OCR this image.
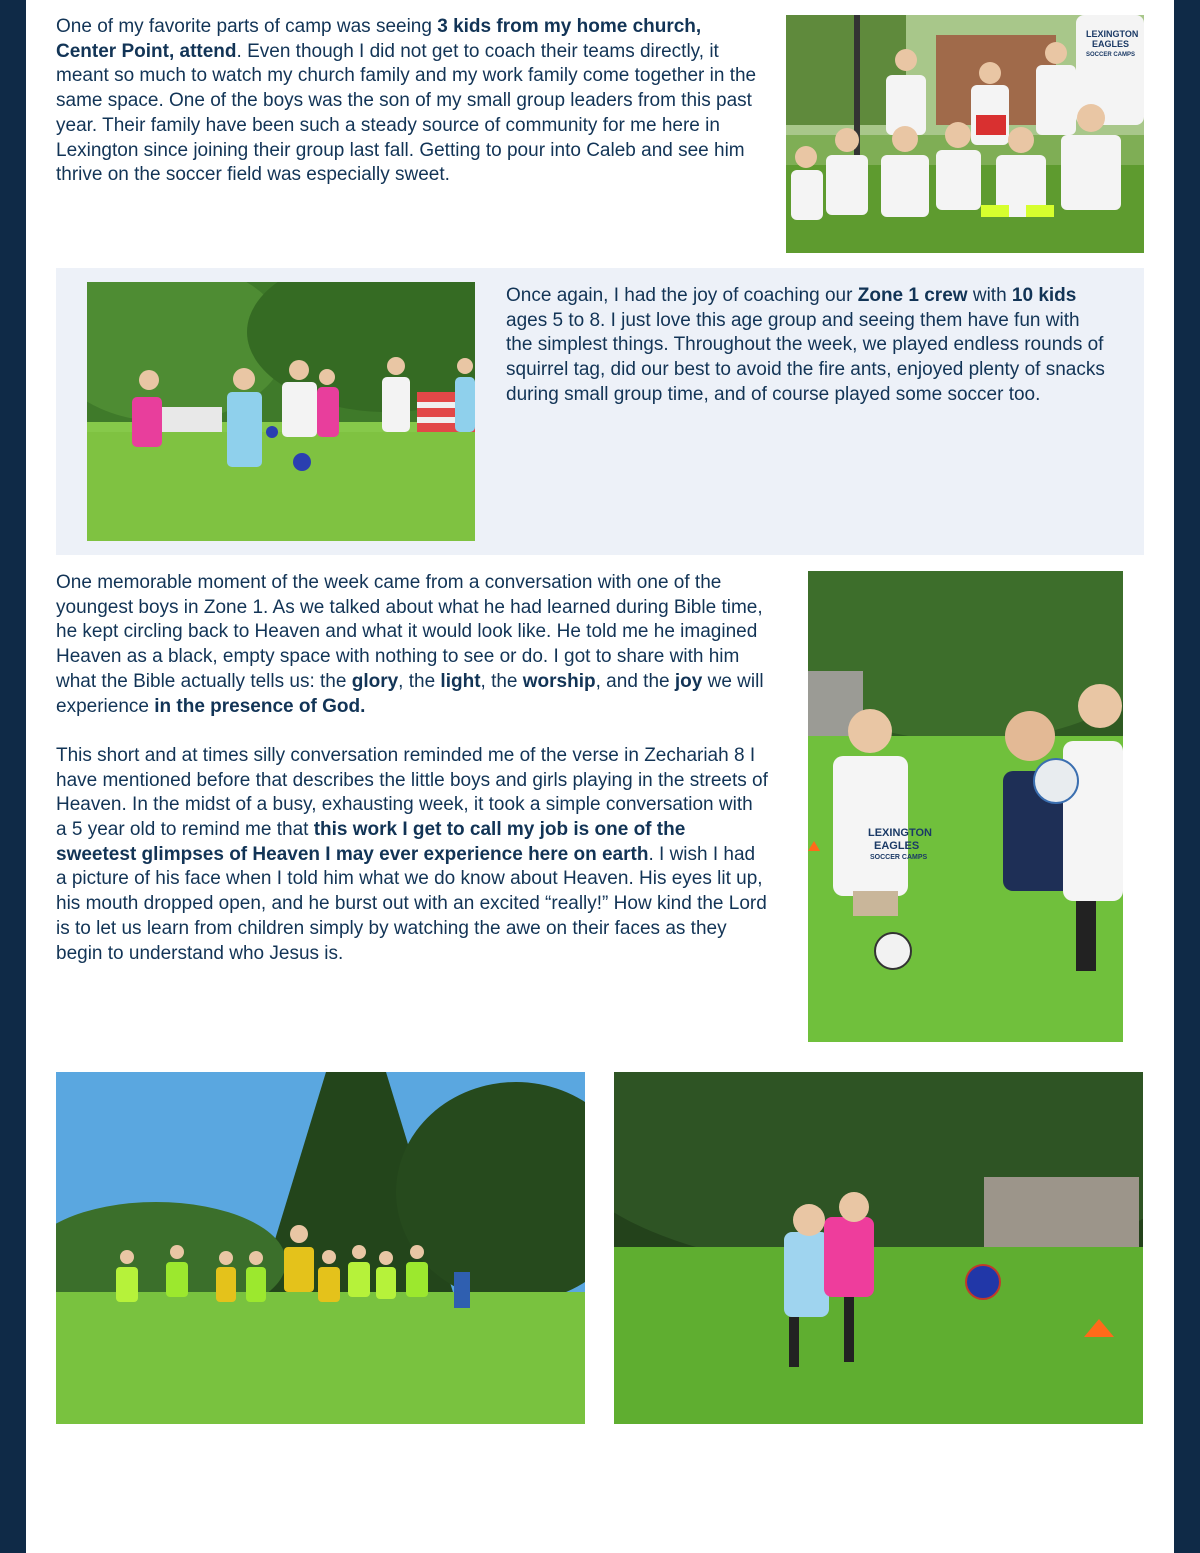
One of my favorite parts of camp was seeing 3 kids from my home church, Center Point, attend. Even though I did not get to coach their teams directly, it meant so much to watch my church family and my work family come together in the same space. One of the boys was the son of my small group leaders from this past year. Their family have been such a steady source of community for me here in Lexington since joining their group last fall. Getting to pour into Caleb and see him thrive on the soccer field was especially sweet.

LEXINGTON
EAGLES
SOCCER CAMPS

Once again, I had the joy of coaching our Zone 1 crew with 10 kids ages 5 to 8. I just love this age group and seeing them have fun with the simplest things. Throughout the week, we played endless rounds of squirrel tag, did our best to avoid the fire ants, enjoyed plenty of snacks during small group time, and of course played some soccer too.

One memorable moment of the week came from a conversation with one of the youngest boys in Zone 1. As we talked about what he had learned during Bible time, he kept circling back to Heaven and what it would look like. He told me he imagined Heaven as a black, empty space with nothing to see or do. I got to share with him what the Bible actually tells us: the glory, the light, the worship, and the joy we will experience in the presence of God.

This short and at times silly conversation reminded me of the verse in Zechariah 8 I have mentioned before that describes the little boys and girls playing in the streets of Heaven. In the midst of a busy, exhausting week, it took a simple conversation with a 5 year old to remind me that this work I get to call my job is one of the sweetest glimpses of Heaven I may ever experience here on earth. I wish I had a picture of his face when I told him what we do know about Heaven. His eyes lit up, his mouth dropped open, and he burst out with an excited “really!” How kind the Lord is to let us learn from children simply by watching the awe on their faces as they begin to understand who Jesus is.

LEXINGTON
EAGLES
SOCCER CAMPS
